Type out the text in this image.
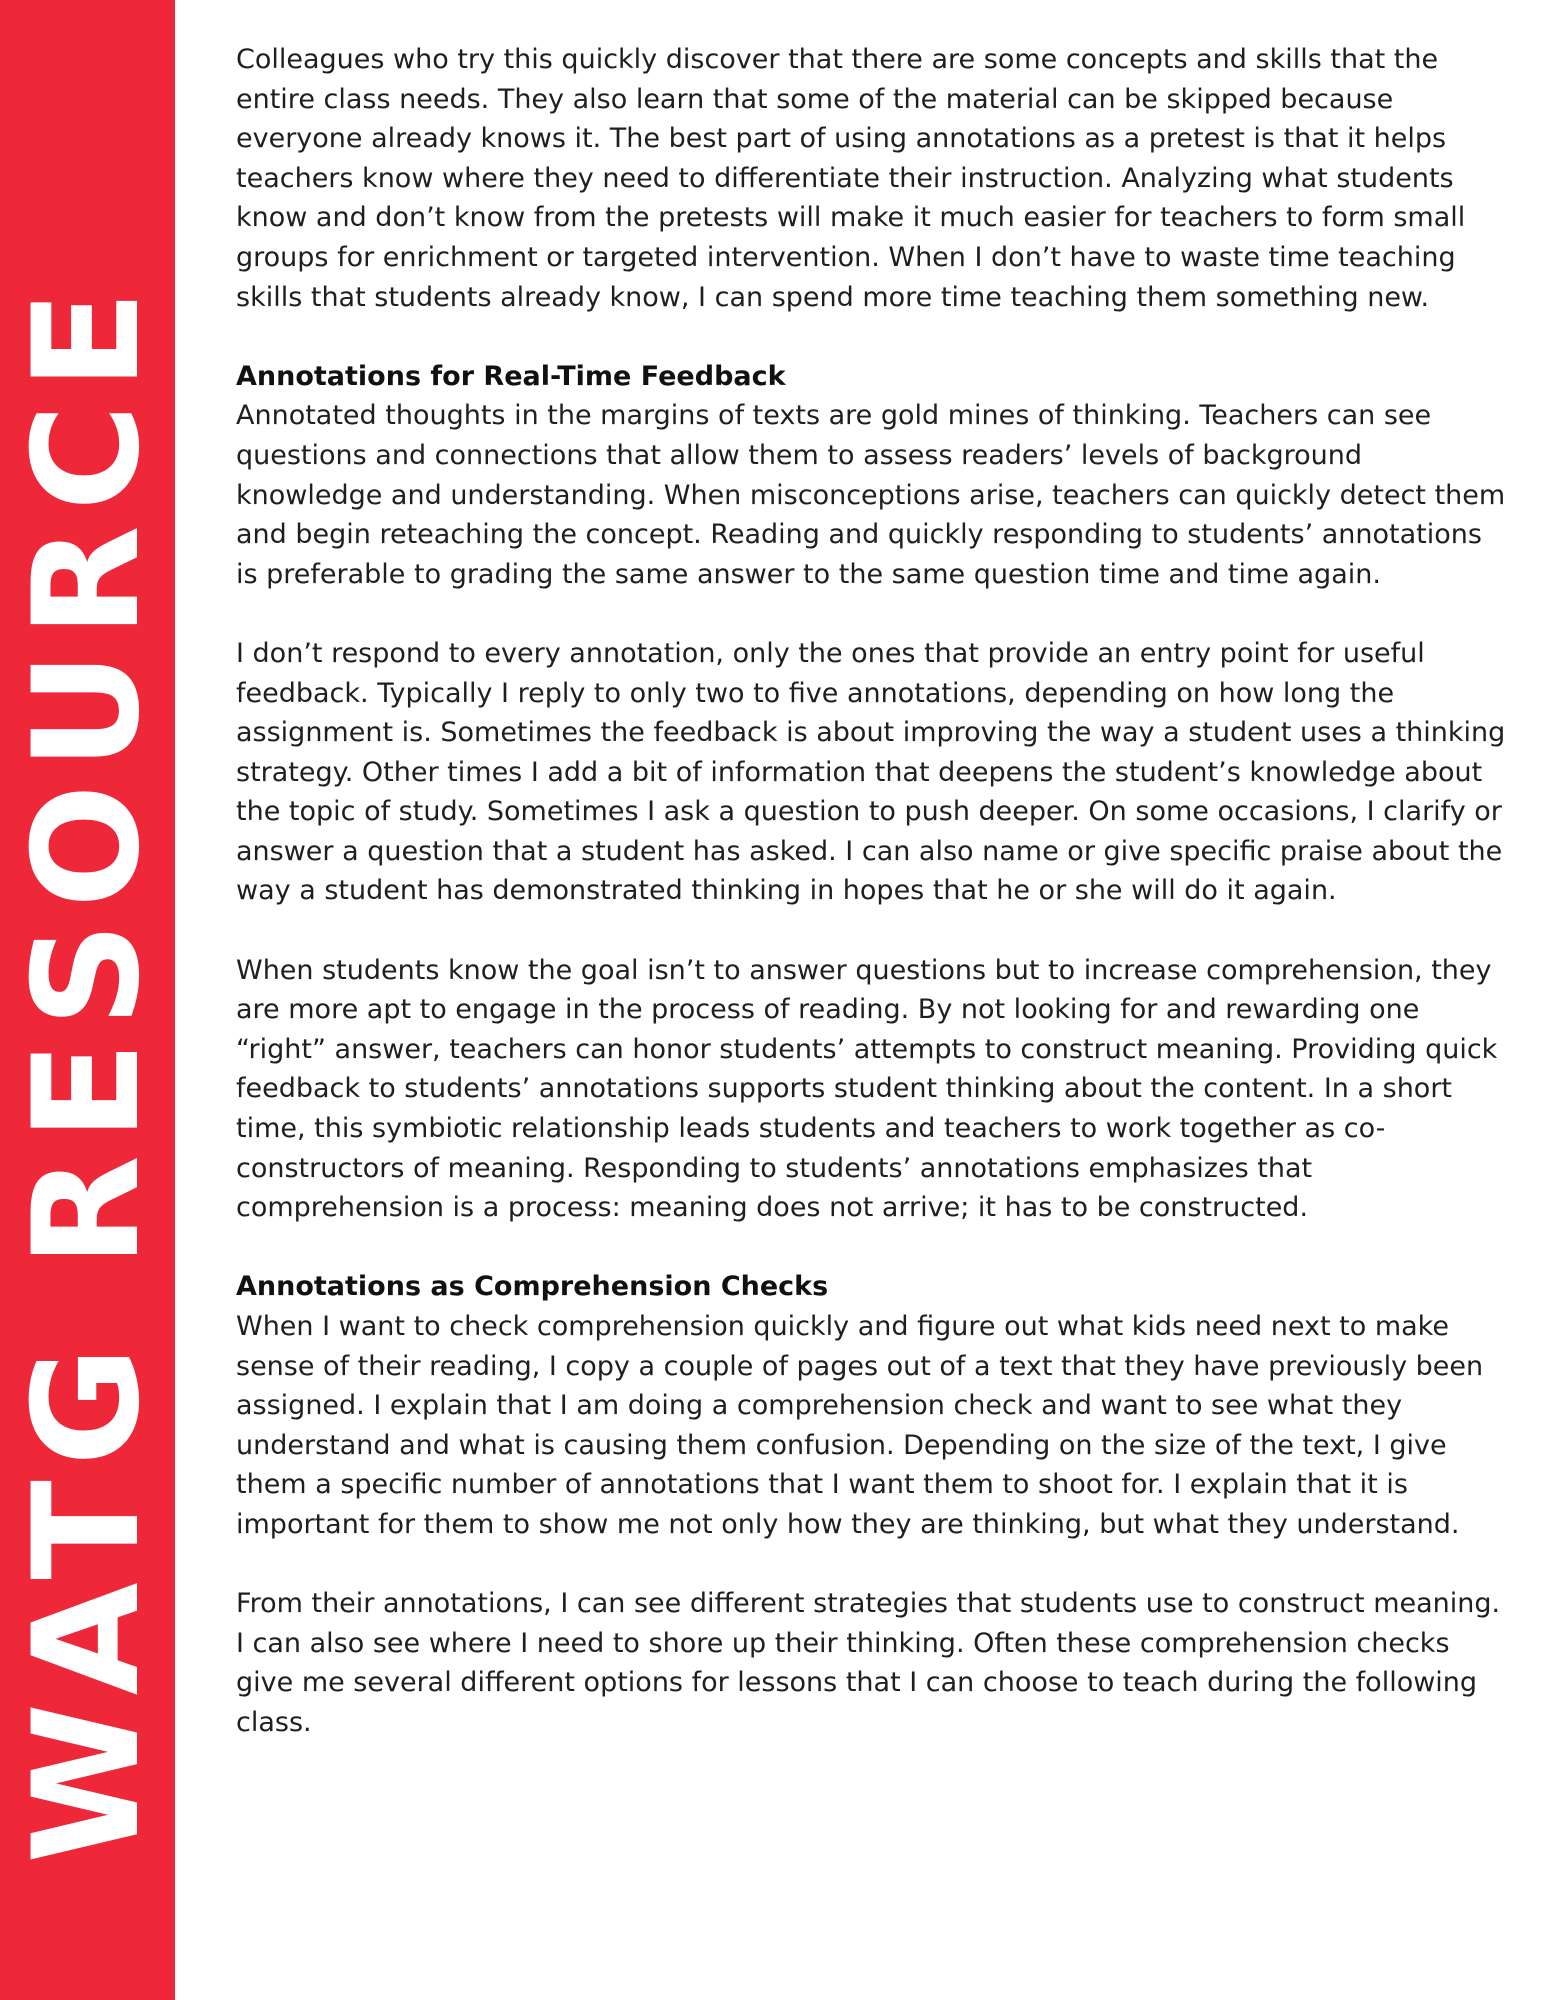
WATG RESOURCE

Colleagues who try this quickly discover that there are some concepts and skills that the entire class needs. They also learn that some of the material can be skipped because everyone already knows it. The best part of using annotations as a pretest is that it helps teachers know where they need to differentiate their instruction. Analyzing what students know and don’t know from the pretests will make it much easier for teachers to form small groups for enrichment or targeted intervention. When I don’t have to waste time teaching skills that students already know, I can spend more time teaching them something new.

Annotations for Real-Time Feedback

Annotated thoughts in the margins of texts are gold mines of thinking. Teachers can see questions and connections that allow them to assess readers’ levels of background knowledge and understanding. When misconceptions arise, teachers can quickly detect them and begin reteaching the concept. Reading and quickly responding to students’ annotations is preferable to grading the same answer to the same question time and time again.

I don’t respond to every annotation, only the ones that provide an entry point for useful feedback. Typically I reply to only two to five annotations, depending on how long the assignment is. Sometimes the feedback is about improving the way a student uses a thinking strategy. Other times I add a bit of information that deepens the student’s knowledge about the topic of study. Sometimes I ask a question to push deeper. On some occasions, I clarify or answer a question that a student has asked. I can also name or give specific praise about the way a student has demonstrated thinking in hopes that he or she will do it again.

When students know the goal isn’t to answer questions but to increase comprehension, they are more apt to engage in the process of reading. By not looking for and rewarding one “right” answer, teachers can honor students’ attempts to construct meaning. Providing quick feedback to students’ annotations supports student thinking about the content. In a short time, this symbiotic relationship leads students and teachers to work together as co-constructors of meaning. Responding to students’ annotations emphasizes that comprehension is a process: meaning does not arrive; it has to be constructed.

Annotations as Comprehension Checks

When I want to check comprehension quickly and figure out what kids need next to make sense of their reading, I copy a couple of pages out of a text that they have previously been assigned. I explain that I am doing a comprehension check and want to see what they understand and what is causing them confusion. Depending on the size of the text, I give them a specific number of annotations that I want them to shoot for. I explain that it is important for them to show me not only how they are thinking, but what they understand.

From their annotations, I can see different strategies that students use to construct meaning. I can also see where I need to shore up their thinking. Often these comprehension checks give me several different options for lessons that I can choose to teach during the following class.
